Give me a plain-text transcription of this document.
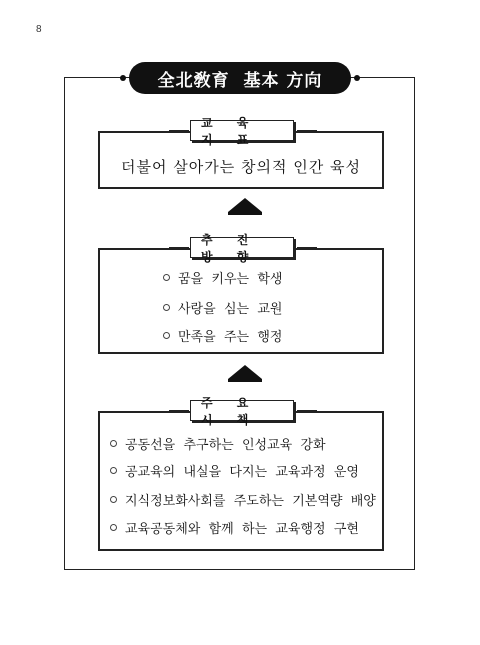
8
全北敎育  基本 方向
더불어 살아가는 창의적 인간 육성
교 육 지 표
추 진 방 향
꿈을  키우는  학생
사랑을  심는  교원
만족을  주는  행정
주 요 시 책
공동선을  추구하는  인성교육  강화
공교육의  내실을  다지는  교육과정  운영
지식정보화사회를  주도하는  기본역량  배양
교육공동체와  함께  하는  교육행정  구현
